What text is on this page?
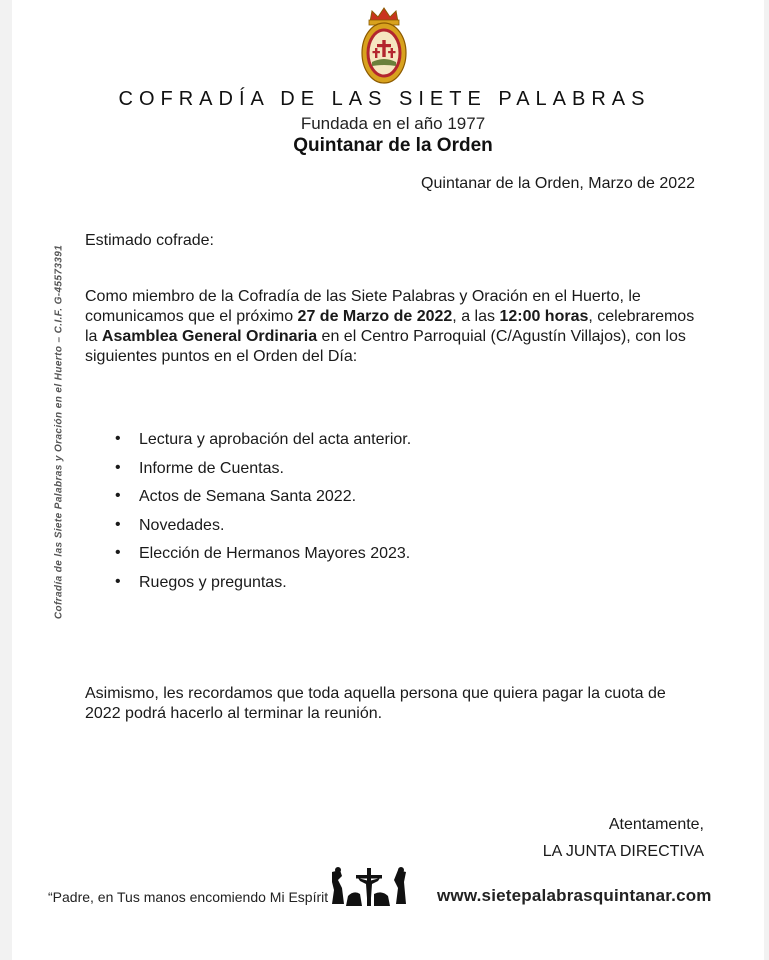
COFRADÍA DE LAS SIETE PALABRAS
Fundada en el año 1977
Quintanar de la Orden
Quintanar de la Orden, Marzo de 2022
Estimado cofrade:
Como miembro de la Cofradía de las Siete Palabras y Oración en el Huerto, le comunicamos que el próximo 27 de Marzo de 2022, a las 12:00 horas, celebraremos la Asamblea General Ordinaria en el Centro Parroquial (C/Agustín Villajos), con los siguientes puntos en el Orden del Día:
• Lectura y aprobación del acta anterior.
• Informe de Cuentas.
• Actos de Semana Santa 2022.
• Novedades.
• Elección de Hermanos Mayores 2023.
• Ruegos y preguntas.
Asimismo, les recordamos que toda aquella persona que quiera pagar la cuota de 2022 podrá hacerlo al terminar la reunión.
Atentamente,
LA JUNTA DIRECTIVA
Cofradía de las Siete Palabras y Oración en el Huerto – C.I.F. G-45573391
“Padre, en Tus manos encomiendo Mi Espírit	www.sietepalabrasquintanar.com
